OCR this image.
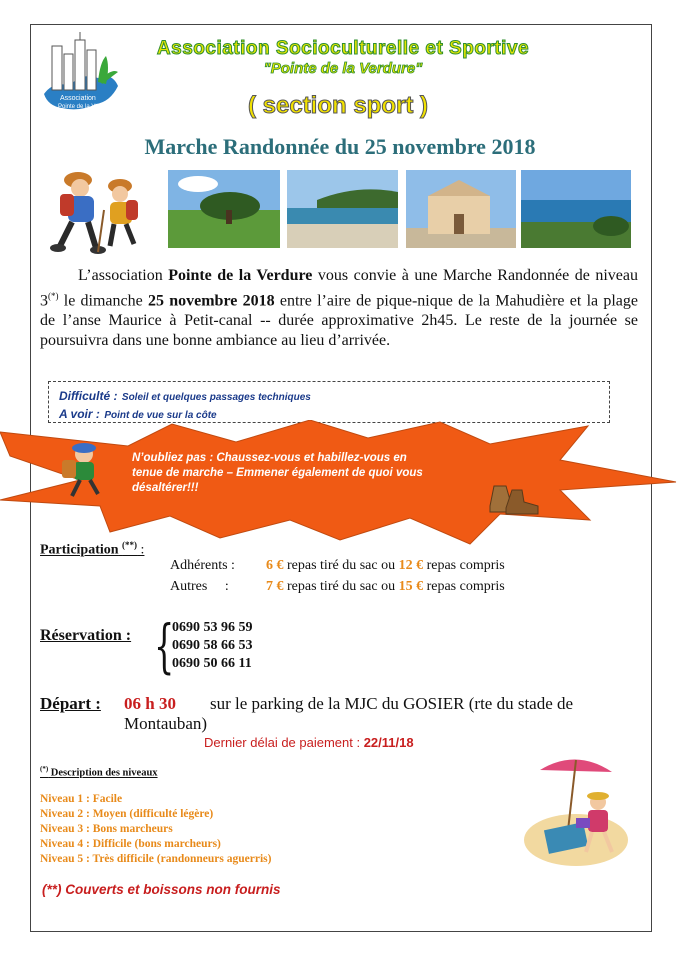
Association
Pointe de la Verdure
Association Socioculturelle et Sportive
"Pointe de la Verdure"
( section sport )
Marche Randonnée du 25 novembre 2018
L’association Pointe de la Verdure vous convie à une Marche Randonnée de niveau 3(*) le dimanche 25 novembre 2018 entre l’aire de pique-nique de la Mahudière et la plage de l’anse Maurice à Petit-canal -- durée approximative 2h45. Le reste de la journée se poursuivra dans une bonne ambiance au lieu d’arrivée.
Difficulté : Soleil et quelques passages techniques
A voir : Point de vue sur la côte
N’oubliez pas : Chaussez-vous et habillez-vous en
tenue de marche – Emmener également de quoi vous
désaltérer!!!
Participation (**) :
Adhérents : 6 € repas tiré du sac ou 12 € repas compris
Autres     :	7 € repas tiré du sac ou 15 € repas compris
Réservation : {
0690 53 96 59
0690 58 66 53
0690 50 66 11
Départ : 06 h 30 sur le parking de la MJC du GOSIER (rte du stade de
Montauban)
Dernier délai de paiement : 22/11/18
(*) Description des niveaux
Niveau 1 : Facile
Niveau 2 : Moyen (difficulté légère)
Niveau 3 : Bons marcheurs
Niveau 4 : Difficile (bons marcheurs)
Niveau 5 : Très difficile (randonneurs aguerris)
(**) Couverts et boissons non fournis
